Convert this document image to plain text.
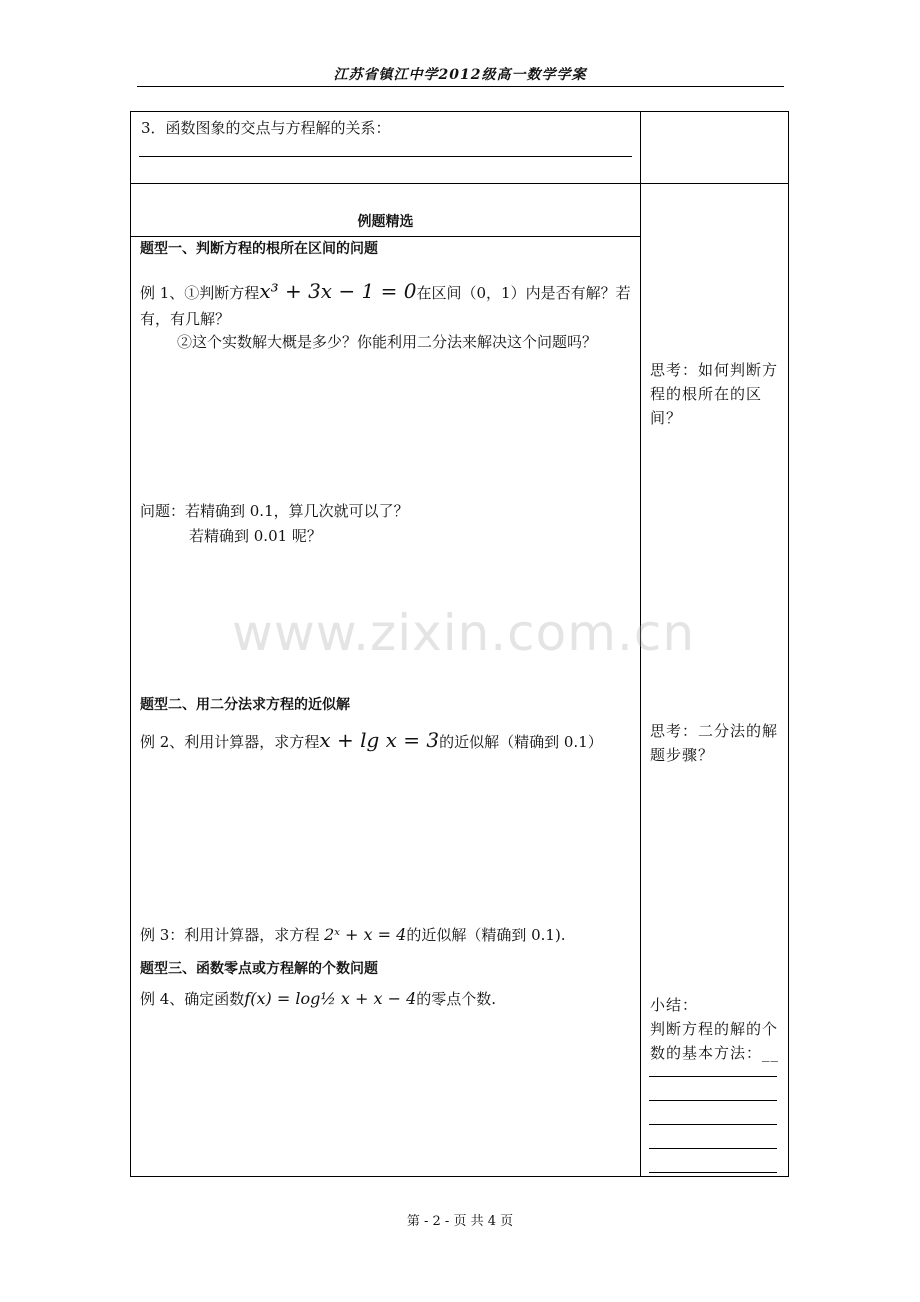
江苏省镇江中学2012级高一数学学案
3．函数图象的交点与方程解的关系：
例题精选
题型一、判断方程的根所在区间的问题
例 1、①判断方程x³ + 3x − 1 = 0在区间（0，1）内是否有解？若
有，有几解？
②这个实数解大概是多少？你能利用二分法来解决这个问题吗？
思考：如何判断方程的根所在的区间？
问题：若精确到 0.1，算几次就可以了？
若精确到 0.01 呢？
题型二、用二分法求方程的近似解
例 2、利用计算器，求方程x + lg x = 3的近似解（精确到 0.1）
思考：二分法的解题步骤？
例 3：利用计算器，求方程 2ˣ + x = 4的近似解（精确到 0.1).
题型三、函数零点或方程解的个数问题
例 4、确定函数f(x) = log½ x + x − 4的零点个数.	小结：
判断方程的解的个数的基本方法：__
www.zixin.com.cn
第 - 2 - 页 共 4 页
